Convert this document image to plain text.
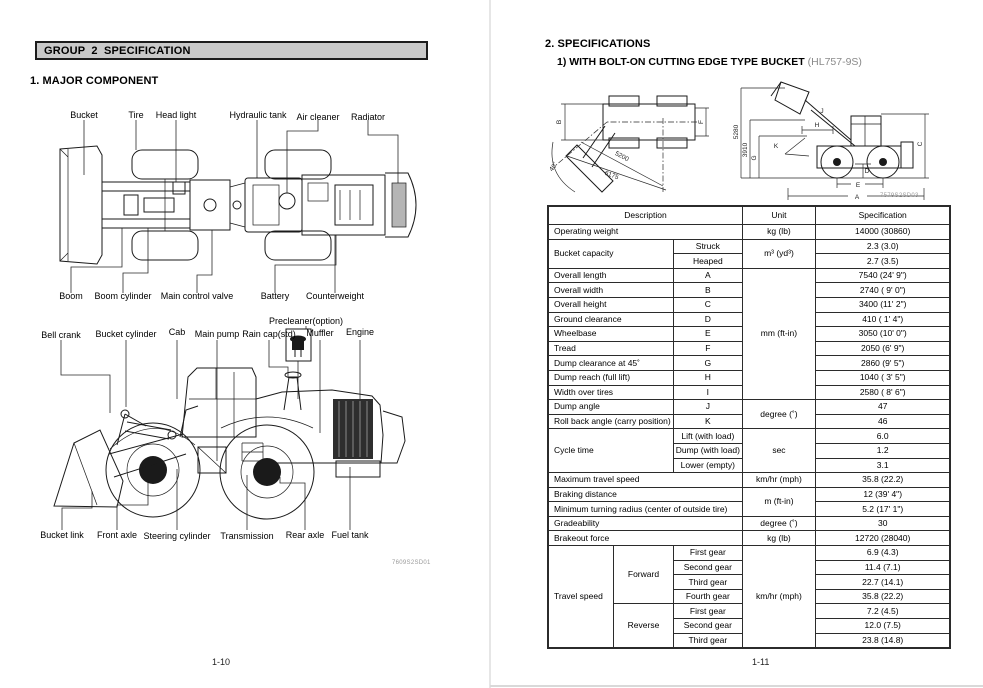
GROUP 2 SPECIFICATION
1. MAJOR COMPONENT
Bucket	Tire Head light	Hydraulic tank Air cleaner Radiator
Boom Boom cylinder Main control valve	Battery Counterweight
Precleaner(option)
Bell crank Bucket cylinder Cab Main pump Rain cap(std) Muffler Engine
Bucket link Front axle Steering cylinder Transmission Rear axle Fuel tank
7609S2SD01
1-10
2. SPECIFICATIONS
1) WITH BOLT-ON CUTTING EDGE TYPE BUCKET (HL757-9S)
B	F
40˚
5200
6175
5280
3910
G
H
J
K
D
E
A
C
7579S2SD03
Description			Unit	Specification
Operating weight			kg (lb)	14000 (30860)
Bucket capacity		Struck	m³ (yd³)	2.3 (3.0)
		Heaped		2.7 (3.5)
Overall length		A	mm (ft-in)	7540 (24' 9")
Overall width		B		2740 ( 9' 0")
Overall height		C		3400 (11' 2")
Ground clearance		D		410 ( 1' 4")
Wheelbase		E		3050 (10' 0")
Tread		F		2050 (6' 9")
Dump clearance at 45˚		G		2860 (9' 5")
Dump reach (full lift)		H		1040 ( 3' 5")
Width over tires		I		2580 ( 8' 6")
Dump angle		J	degree (˚)	47
Roll back angle (carry position)		K		46
Cycle time		Lift (with load)	sec	6.0
		Dump (with load)		1.2
		Lower (empty)		3.1
Maximum travel speed			km/hr (mph)	35.8 (22.2)
Braking distance			m (ft-in)	12 (39' 4")
Minimum turning radius (center of outside tire)				5.2 (17' 1")
Gradeability			degree (˚)	30
Brakeout force			kg (lb)	12720 (28040)
Travel speed	Forward	First gear	km/hr (mph)	6.9 (4.3)
		Second gear		11.4 (7.1)
		Third gear		22.7 (14.1)
		Fourth gear		35.8 (22.2)
	Reverse	First gear		7.2 (4.5)
		Second gear		12.0 (7.5)
		Third gear		23.8 (14.8)
1-11
